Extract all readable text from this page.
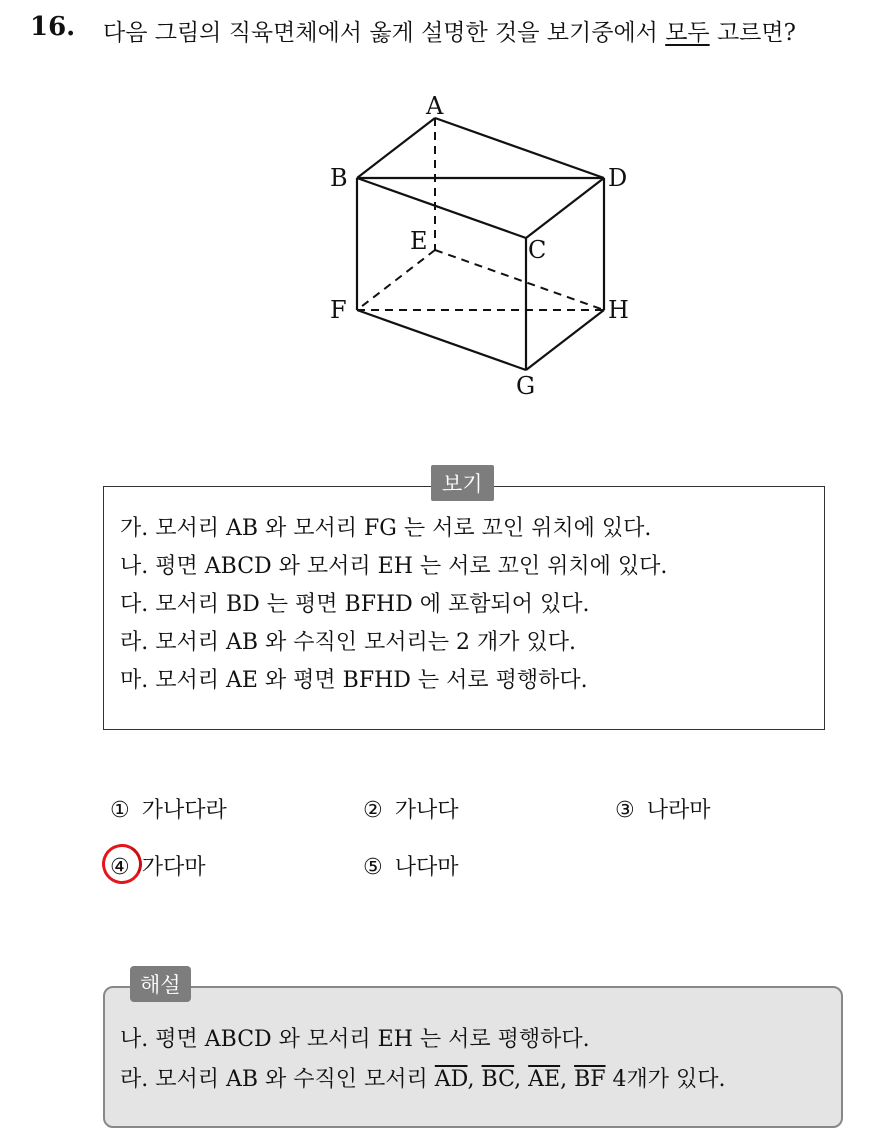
16. 다음 그림의 직육면체에서 옳게 설명한 것을 보기중에서 모두 고르면?
A
B
C
D
E
F
G
H
보기
가. 모서리 AB 와 모서리 FG 는 서로 꼬인 위치에 있다.
나. 평면 ABCD 와 모서리 EH 는 서로 꼬인 위치에 있다.
다. 모서리 BD 는 평면 BFHD 에 포함되어 있다.
라. 모서리 AB 와 수직인 모서리는 2 개가 있다.
마. 모서리 AE 와 평면 BFHD 는 서로 평행하다.
① 가나다라	② 가나다	③ 나라마
④ 가다마	⑤ 나다마
해설
나. 평면 ABCD 와 모서리 EH 는 서로 평행하다.
라. 모서리 AB 와 수직인 모서리 $\overline{AD}$, $\overline{BC}$, $\overline{AE}$, $\overline{BF}$ 4개가 있다.
